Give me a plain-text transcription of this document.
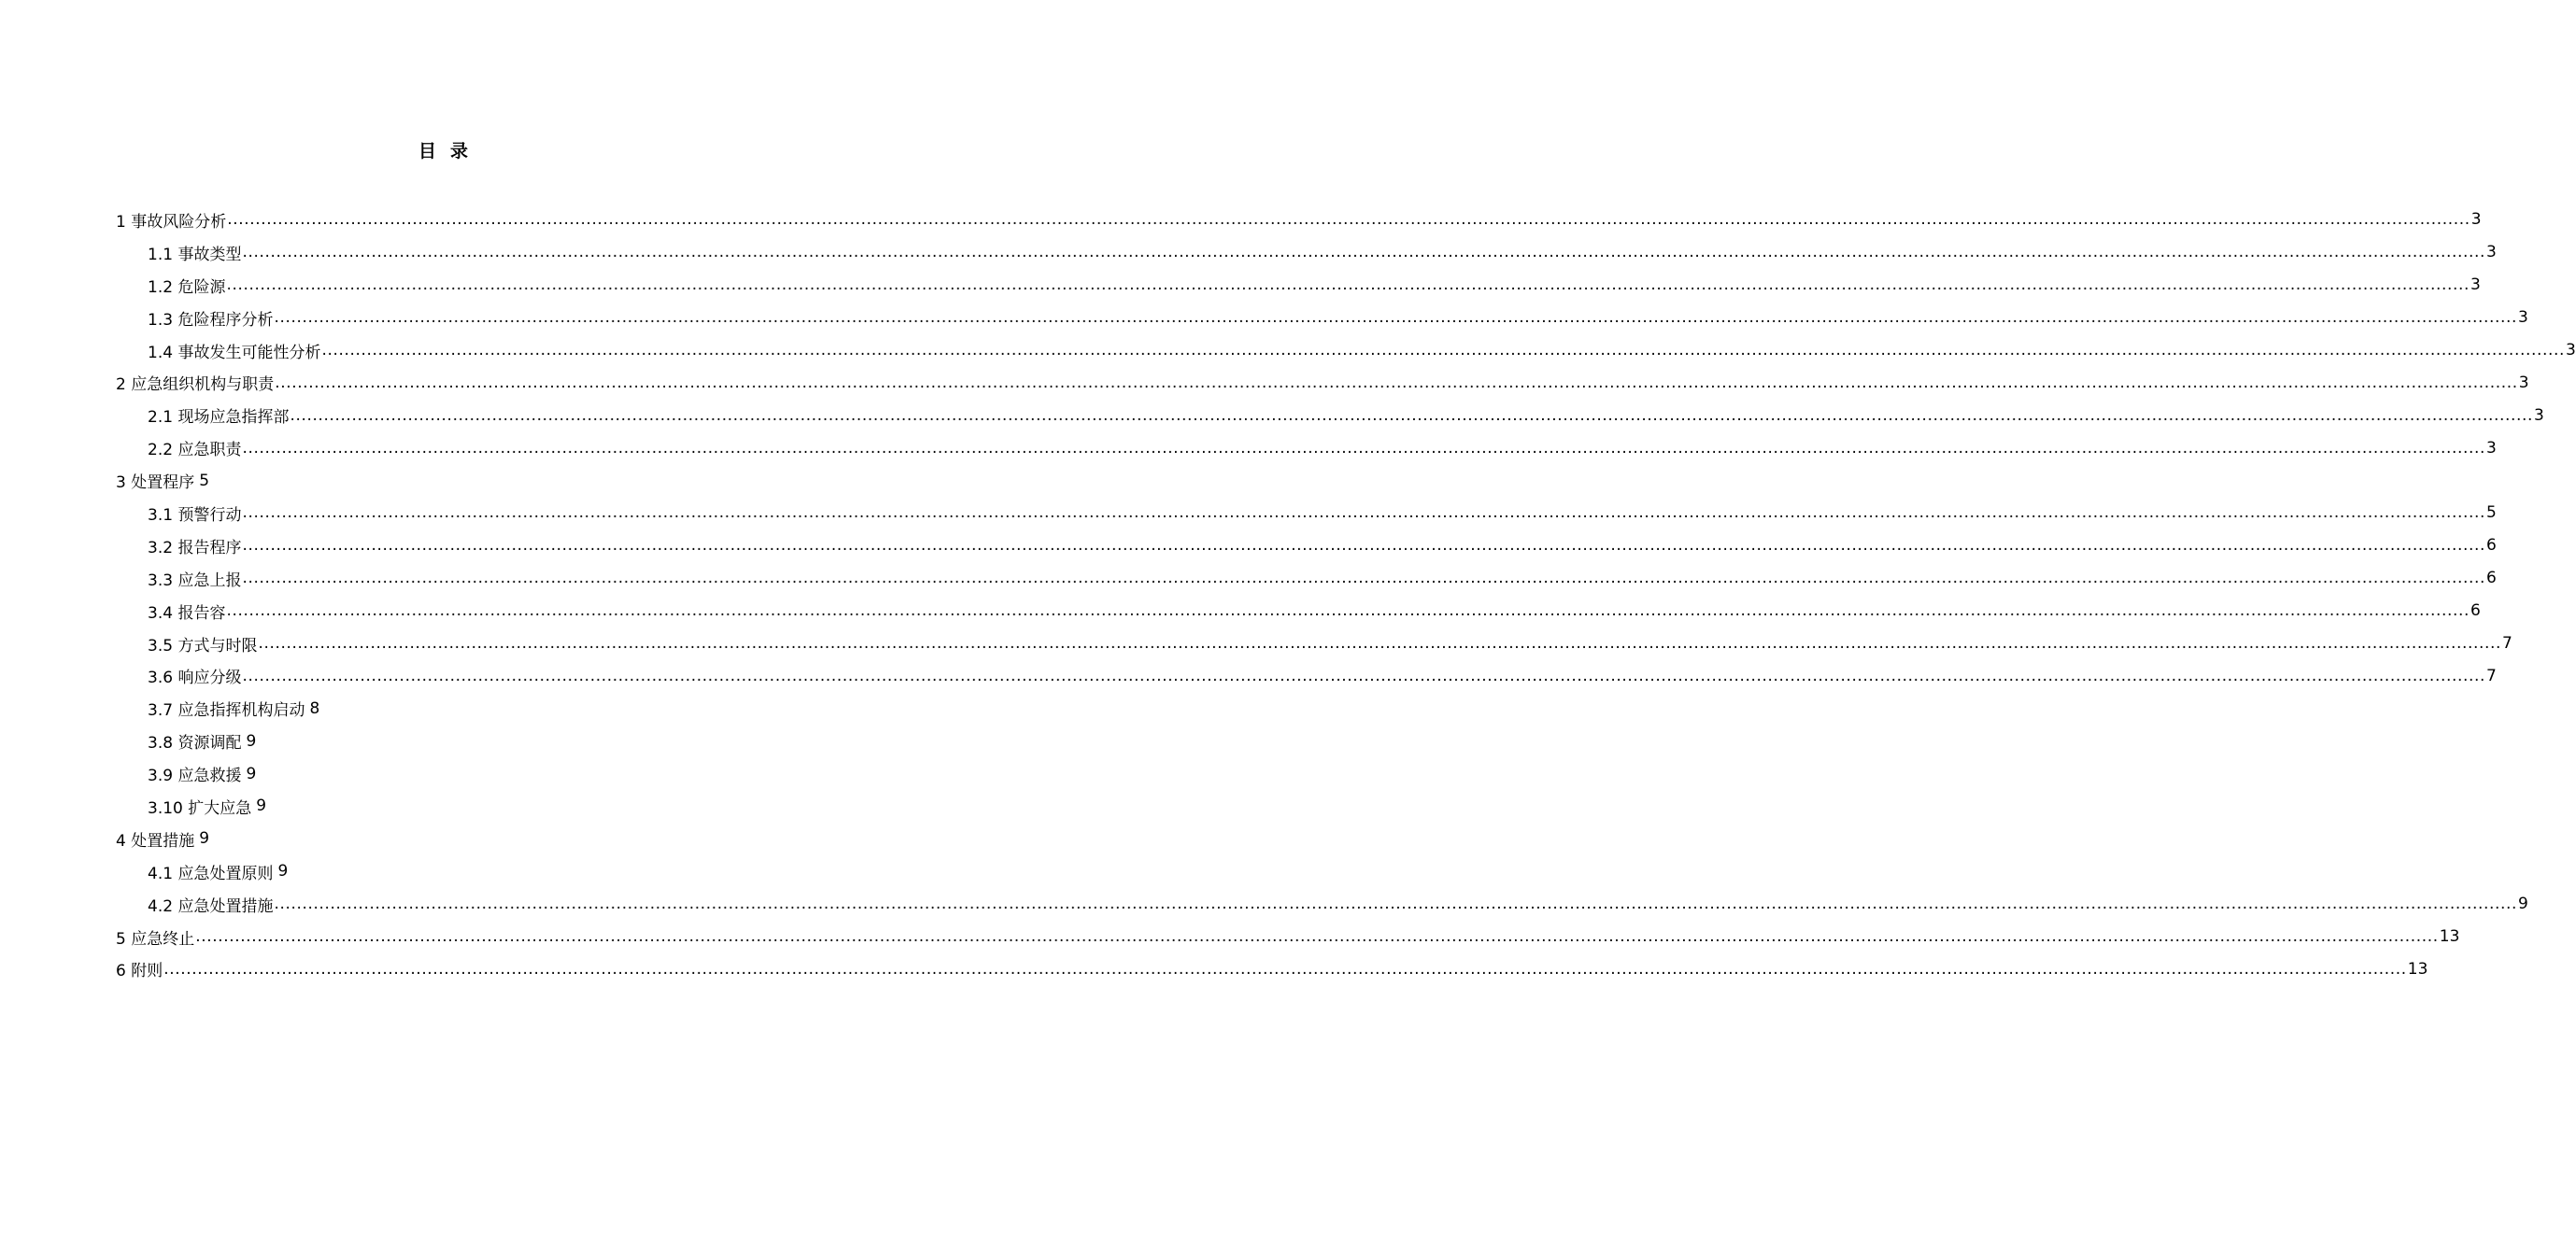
目 录
1 事故风险分析 ................................................................................................................................................................................................................................................................................................................................................................................................................ 3
1.1 事故类型 ................................................................................................................................................................................................................................................................................................................................................................................................................ 3
1.2 危险源 ................................................................................................................................................................................................................................................................................................................................................................................................................ 3
1.3 危险程序分析 ................................................................................................................................................................................................................................................................................................................................................................................................................ 3
1.4 事故发生可能性分析 ................................................................................................................................................................................................................................................................................................................................................................................................................ 3
2 应急组织机构与职责 ................................................................................................................................................................................................................................................................................................................................................................................................................ 3
2.1 现场应急指挥部 ................................................................................................................................................................................................................................................................................................................................................................................................................ 3
2.2 应急职责 ................................................................................................................................................................................................................................................................................................................................................................................................................ 3
3 处置程序 5
3.1 预警行动 ................................................................................................................................................................................................................................................................................................................................................................................................................ 5
3.2 报告程序 ................................................................................................................................................................................................................................................................................................................................................................................................................ 6
3.3 应急上报 ................................................................................................................................................................................................................................................................................................................................................................................................................ 6
3.4 报告容 ................................................................................................................................................................................................................................................................................................................................................................................................................ 6
3.5 方式与时限 ................................................................................................................................................................................................................................................................................................................................................................................................................ 7
3.6 响应分级 ................................................................................................................................................................................................................................................................................................................................................................................................................ 7
3.7 应急指挥机构启动 8
3.8 资源调配 9
3.9 应急救援 9
3.10 扩大应急 9
4 处置措施 9
4.1 应急处置原则 9
4.2 应急处置措施 ................................................................................................................................................................................................................................................................................................................................................................................................................ 9
5 应急终止 ................................................................................................................................................................................................................................................................................................................................................................................................................ 13
6 附则 ................................................................................................................................................................................................................................................................................................................................................................................................................ 13
